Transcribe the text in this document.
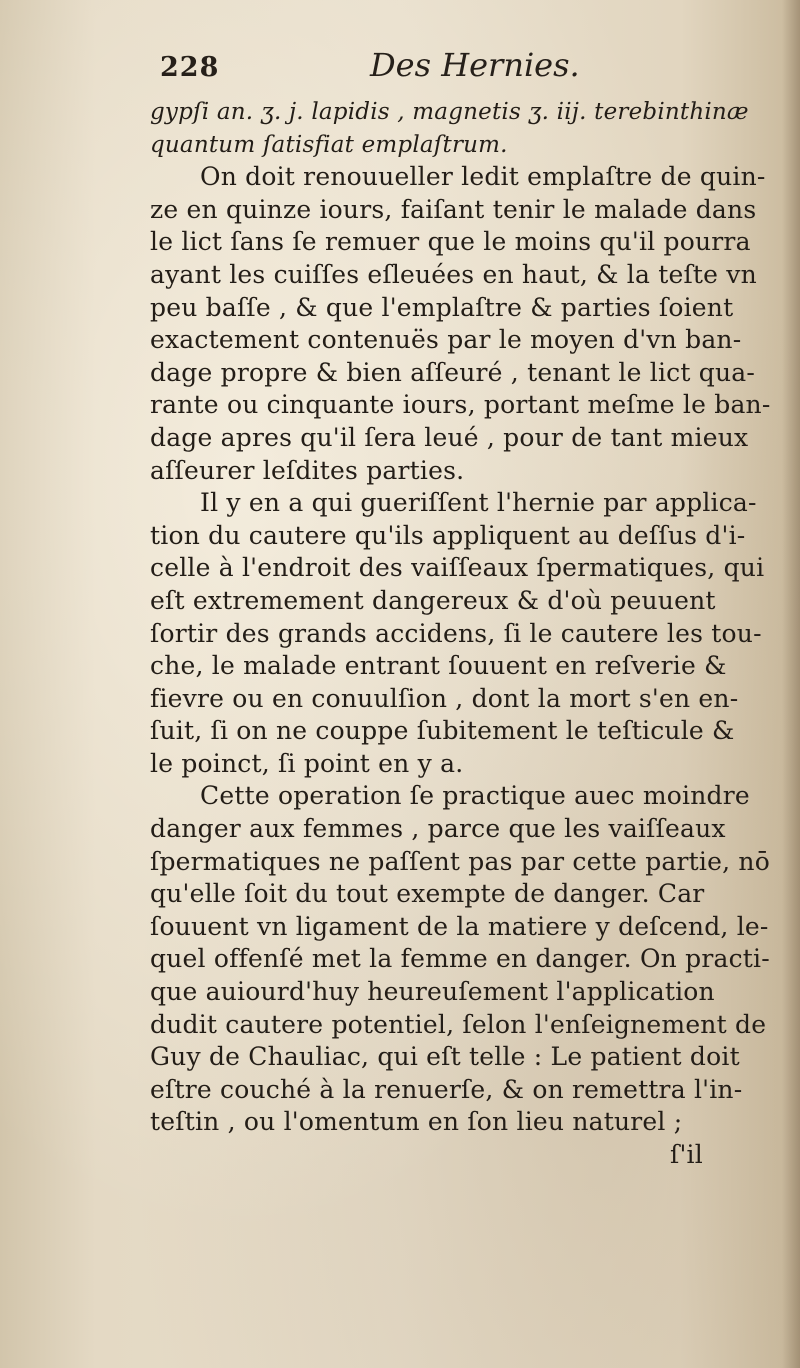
228	Des Hernies.
gypſi an. ʒ. j. lapidis , magnetis ʒ. iij. terebinthinæ
quantum ſatisfiat emplaſtrum.
On doit renouueller ledit emplaſtre de quin-
ze en quinze iours, faiſant tenir le malade dans
le lict ſans ſe remuer que le moins qu'il pourra
ayant les cuiſſes eſleuées en haut, & la teſte vn
peu baſſe , & que l'emplaſtre & parties ſoient
exactement contenuës par le moyen d'vn ban-
dage propre & bien aſſeuré , tenant le lict qua-
rante ou cinquante iours, portant meſme le ban-
dage apres qu'il ſera leué , pour de tant mieux
aſſeurer leſdites parties.
Il y en a qui gueriſſent l'hernie par applica-
tion du cautere qu'ils appliquent au deſſus d'i-
celle à l'endroit des vaiſſeaux ſpermatiques, qui
eſt extremement dangereux & d'où peuuent
ſortir des grands accidens, ſi le cautere les tou-
che, le malade entrant ſouuent en reſverie &
fievre ou en conuulſion , dont la mort s'en en-
ſuit, ſi on ne couppe ſubitement le teſticule &
le poinct, ſi point en y a.
Cette operation ſe practique auec moindre
danger aux femmes , parce que les vaiſſeaux
ſpermatiques ne paſſent pas par cette partie, nō
qu'elle ſoit du tout exempte de danger. Car
ſouuent vn ligament de la matiere y deſcend, le-
quel offenſé met la femme en danger. On practi-
que auiourd'huy heureuſement l'application
dudit cautere potentiel, ſelon l'enſeignement de
Guy de Chauliac, qui eſt telle : Le patient doit
eſtre couché à la renuerſe, & on remettra l'in-
teſtin , ou l'omentum en ſon lieu naturel ;
ſ'il
